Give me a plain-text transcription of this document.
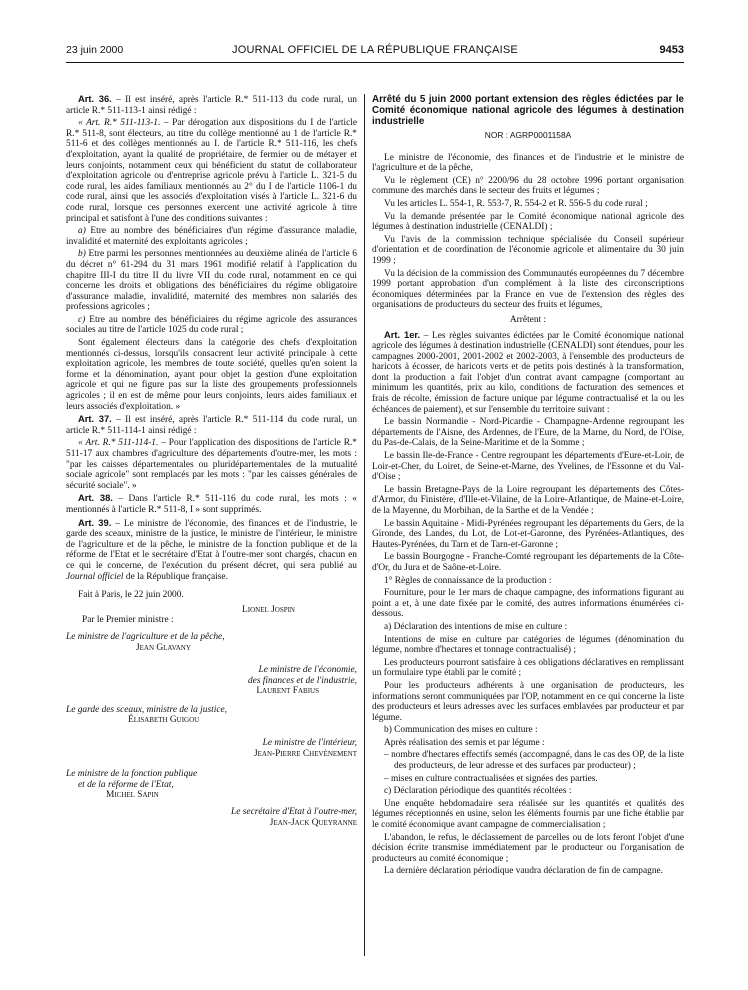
23 juin 2000	JOURNAL OFFICIEL DE LA RÉPUBLIQUE FRANÇAISE	9453

Art. 36. – Il est inséré, après l'article R.* 511-113 du code rural, un article R.* 511-113-1 ainsi rédigé :

« Art. R.* 511-113-1. – Par dérogation aux dispositions du I de l'article R.* 511-8, sont électeurs, au titre du collège mentionné au 1 de l'article R.* 511-6 et des collèges mentionnés au I. de l'article R.* 511-116, les chefs d'exploitation, ayant la qualité de propriétaire, de fermier ou de métayer et leurs conjoints, notamment ceux qui bénéficient du statut de collaborateur d'exploitation agricole ou d'entreprise agricole prévu à l'article L. 321-5 du code rural, les aides familiaux mentionnés au 2° du I de l'article 1106-1 du code rural, ainsi que les associés d'exploitation visés à l'article L. 321-6 du code rural, lorsque ces personnes exercent une activité agricole à titre principal et satisfont à l'une des conditions suivantes :

a) Etre au nombre des bénéficiaires d'un régime d'assurance maladie, invalidité et maternité des exploitants agricoles ;

b) Etre parmi les personnes mentionnées au deuxième alinéa de l'article 6 du décret n° 61-294 du 31 mars 1961 modifié relatif à l'application du chapitre III-I du titre II du livre VII du code rural, notamment en ce qui concerne les droits et obligations des bénéficiaires du régime obligatoire d'assurance maladie, invalidité, maternité des membres non salariés des professions agricoles ;

c) Etre au nombre des bénéficiaires du régime agricole des assurances sociales au titre de l'article 1025 du code rural ;

Sont également électeurs dans la catégorie des chefs d'exploitation mentionnés ci-dessus, lorsqu'ils consacrent leur activité principale à cette exploitation agricole, les membres de toute société, quelles qu'en soient la forme et la dénomination, ayant pour objet la gestion d'une exploitation agricole et qui ne figure pas sur la liste des groupements professionnels agricoles ; il en est de même pour leurs conjoints, leurs aides familiaux et leurs associés d'exploitation. »

Art. 37. – Il est inséré, après l'article R.* 511-114 du code rural, un article R.* 511-114-1 ainsi rédigé :

« Art. R.* 511-114-1. – Pour l'application des dispositions de l'article R.* 511-17 aux chambres d'agriculture des départements d'outre-mer, les mots : "par les caisses départementales ou pluridépartementales de la mutualité sociale agricole" sont remplacés par les mots : "par les caisses générales de sécurité sociale". »

Art. 38. – Dans l'article R.* 511-116 du code rural, les mots : « mentionnés à l'article R.* 511-8, I » sont supprimés.

Art. 39. – Le ministre de l'économie, des finances et de l'industrie, le garde des sceaux, ministre de la justice, le ministre de l'intérieur, le ministre de l'agriculture et de la pêche, le ministre de la fonction publique et de la réforme de l'Etat et le secrétaire d'Etat à l'outre-mer sont chargés, chacun en ce qui le concerne, de l'exécution du présent décret, qui sera publié au Journal officiel de la République française.

Fait à Paris, le 22 juin 2000.

Lionel Jospin

Par le Premier ministre :

Le ministre de l'agriculture et de la pêche,

Jean Glavany

Le ministre de l'économie,

des finances et de l'industrie,

Laurent Fabius

Le garde des sceaux, ministre de la justice,

Élisabeth Guigou

Le ministre de l'intérieur,

Jean-Pierre Chevènement

Le ministre de la fonction publique

et de la réforme de l'Etat,

Michel Sapin

Le secrétaire d'Etat à l'outre-mer,

Jean-Jack Queyranne

Arrêté du 5 juin 2000 portant extension des règles édictées par le Comité économique national agricole des légumes à destination industrielle

NOR : AGRP0001158A

Le ministre de l'économie, des finances et de l'industrie et le ministre de l'agriculture et de la pêche,

Vu le règlement (CE) n° 2200/96 du 28 octobre 1996 portant organisation commune des marchés dans le secteur des fruits et légumes ;

Vu les articles L. 554-1, R. 553-7, R. 554-2 et R. 556-5 du code rural ;

Vu la demande présentée par le Comité économique national agricole des légumes à destination industrielle (CENALDI) ;

Vu l'avis de la commission technique spécialisée du Conseil supérieur d'orientation et de coordination de l'économie agricole et alimentaire du 30 juin 1999 ;

Vu la décision de la commission des Communautés européennes du 7 décembre 1999 portant approbation d'un complément à la liste des circonscriptions économiques déterminées par la France en vue de l'extension des règles des organisations de producteurs du secteur des fruits et légumes,

Arrêtent :

Art. 1er. – Les règles suivantes édictées par le Comité économique national agricole des légumes à destination industrielle (CENALDI) sont étendues, pour les campagnes 2000-2001, 2001-2002 et 2002-2003, à l'ensemble des producteurs de haricots à écosser, de haricots verts et de petits pois destinés à la transformation, dont la production a fait l'objet d'un contrat avant campagne (comportant au minimum les quantités, prix au kilo, conditions de facturation des semences et frais de récolte, émission de facture unique par légume contractualisé et la ou les échéances de paiement), et sur l'ensemble du territoire suivant :

Le bassin Normandie - Nord-Picardie - Champagne-Ardenne regroupant les départements de l'Aisne, des Ardennes, de l'Eure, de la Marne, du Nord, de l'Oise, du Pas-de-Calais, de la Seine-Maritime et de la Somme ;

Le bassin Ile-de-France - Centre regroupant les départements d'Eure-et-Loir, de Loir-et-Cher, du Loiret, de Seine-et-Marne, des Yvelines, de l'Essonne et du Val-d'Oise ;

Le bassin Bretagne-Pays de la Loire regroupant les départements des Côtes-d'Armor, du Finistère, d'Ille-et-Vilaine, de la Loire-Atlantique, de Maine-et-Loire, de la Mayenne, du Morbihan, de la Sarthe et de la Vendée ;

Le bassin Aquitaine - Midi-Pyrénées regroupant les départements du Gers, de la Gironde, des Landes, du Lot, de Lot-et-Garonne, des Pyrénées-Atlantiques, des Hautes-Pyrénées, du Tarn et de Tarn-et-Garonne ;

Le bassin Bourgogne - Franche-Comté regroupant les départements de la Côte-d'Or, du Jura et de Saône-et-Loire.

1° Règles de connaissance de la production :

Fourniture, pour le 1er mars de chaque campagne, des informations figurant au point a et, à une date fixée par le comité, des autres informations énumérées ci-dessous.

a) Déclaration des intentions de mise en culture :

Intentions de mise en culture par catégories de légumes (dénomination du légume, nombre d'hectares et tonnage contractualisé) ;

Les producteurs pourront satisfaire à ces obligations déclaratives en remplissant un formulaire type établi par le comité ;

Pour les producteurs adhérents à une organisation de producteurs, les informations seront communiquées par l'OP, notamment en ce qui concerne la liste des producteurs et leurs adresses avec les surfaces emblavées par producteur et par légume.

b) Communication des mises en culture :

Après réalisation des semis et par légume :

– nombre d'hectares effectifs semés (accompagné, dans le cas des OP, de la liste des producteurs, de leur adresse et des surfaces par producteur) ;

– mises en culture contractualisées et signées des parties.

c) Déclaration périodique des quantités récoltées :

Une enquête hebdomadaire sera réalisée sur les quantités et qualités des légumes réceptionnés en usine, selon les éléments fournis par une fiche établie par le comité économique avant campagne de commercialisation ;

L'abandon, le refus, le déclassement de parcelles ou de lots feront l'objet d'une décision écrite transmise immédiatement par le producteur ou l'organisation de producteurs au comité économique ;

La dernière déclaration périodique vaudra déclaration de fin de campagne.
